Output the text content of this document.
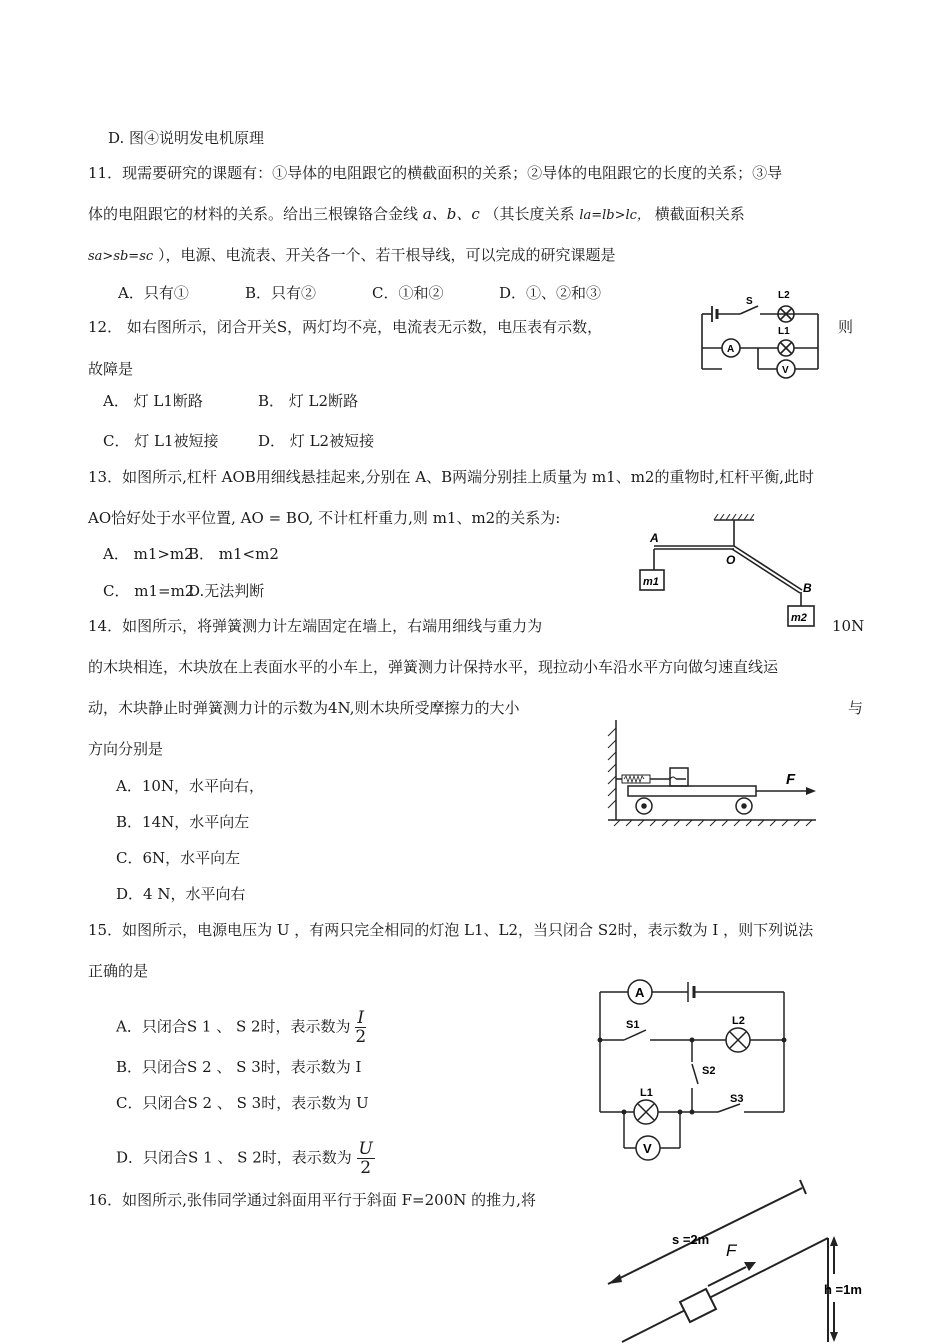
D. 图④说明发电机原理
11．现需要研究的课题有：①导体的电阻跟它的横截面积的关系；②导体的电阻跟它的长度的关系；③导
体的电阻跟它的材料的关系。给出三根镍铬合金线 a、b、c （其长度关系 la=lb>lc， 横截面积关系
sa>sb=sc ），电源、电流表、开关各一个、若干根导线，可以完成的研究课题是
A．只有①	B．只有②	C．①和②	D．①、②和③
12． 如右图所示，闭合开关S，两灯均不亮，电流表无示数，电压表有示数，	则
故障是
A． 灯 L1断路	B． 灯 L2断路
C． 灯 L1被短接	D． 灯 L2被短接
S
L2
L1
A
V
13．如图所示,杠杆 AOB用细线悬挂起来,分别在 A、B两端分别挂上质量为 m1、m2的重物时,杠杆平衡,此时
AO恰好处于水平位置, AO = BO, 不计杠杆重力,则 m1、m2的关系为:
A． m1>m2
B． m1<m2
C． m1=m2
D.无法判断
A
O
B
m1
m2
14．如图所示，将弹簧测力计左端固定在墙上，右端用细线与重力为	10N
的木块相连，木块放在上表面水平的小车上，弹簧测力计保持水平，现拉动小车沿水平方向做匀速直线运
动，木块静止时弹簧测力计的示数为4N,则木块所受摩擦力的大小	与
方向分别是
A．10N，水平向右，
B．14N，水平向左
C．6N，水平向左
D．4 N，水平向右
F
15．如图所示，电源电压为 U ，有两只完全相同的灯泡 L1、L2，当只闭合 S2时，表示数为 I ，则下列说法
正确的是
A．只闭合S 1 、 S 2时，表示数为 $\frac{I}{2}$
B．只闭合S 2 、 S 3时，表示数为 I
C．只闭合S 2 、 S 3时，表示数为 U
D．只闭合S 1 、 S 2时，表示数为 $\frac{U}{2}$
A
V
S1
S2
S3
L2
L1
16．如图所示,张伟同学通过斜面用平行于斜面 F=200N 的推力,将
s =2m
F
h =1m
